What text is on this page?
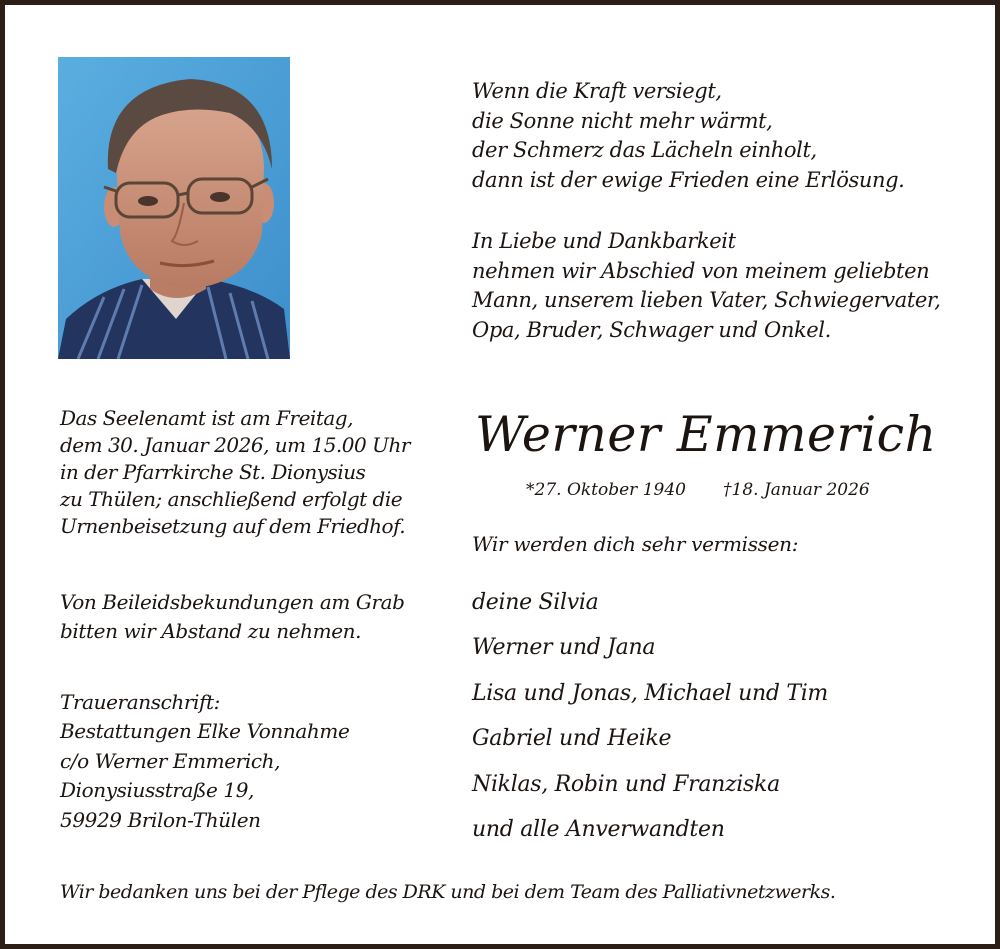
Wenn die Kraft versiegt,
die Sonne nicht mehr wärmt,
der Schmerz das Lächeln einholt,
dann ist der ewige Frieden eine Erlösung.
In Liebe und Dankbarkeit
nehmen wir Abschied von meinem geliebten
Mann, unserem lieben Vater, Schwiegervater,
Opa, Bruder, Schwager und Onkel.
Werner Emmerich
*27. Oktober 1940 †18. Januar 2026
Wir werden dich sehr vermissen:
deine Silvia
Werner und Jana
Lisa und Jonas, Michael und Tim
Gabriel und Heike
Niklas, Robin und Franziska
und alle Anverwandten
Das Seelenamt ist am Freitag,
dem 30. Januar 2026, um 15.00 Uhr
in der Pfarrkirche St. Dionysius
zu Thülen; anschließend erfolgt die
Urnenbeisetzung auf dem Friedhof.
Von Beileidsbekundungen am Grab
bitten wir Abstand zu nehmen.
Traueranschrift:
Bestattungen Elke Vonnahme
c/o Werner Emmerich,
Dionysiusstraße 19,
59929 Brilon-Thülen
Wir bedanken uns bei der Pflege des DRK und bei dem Team des Palliativnetzwerks.
